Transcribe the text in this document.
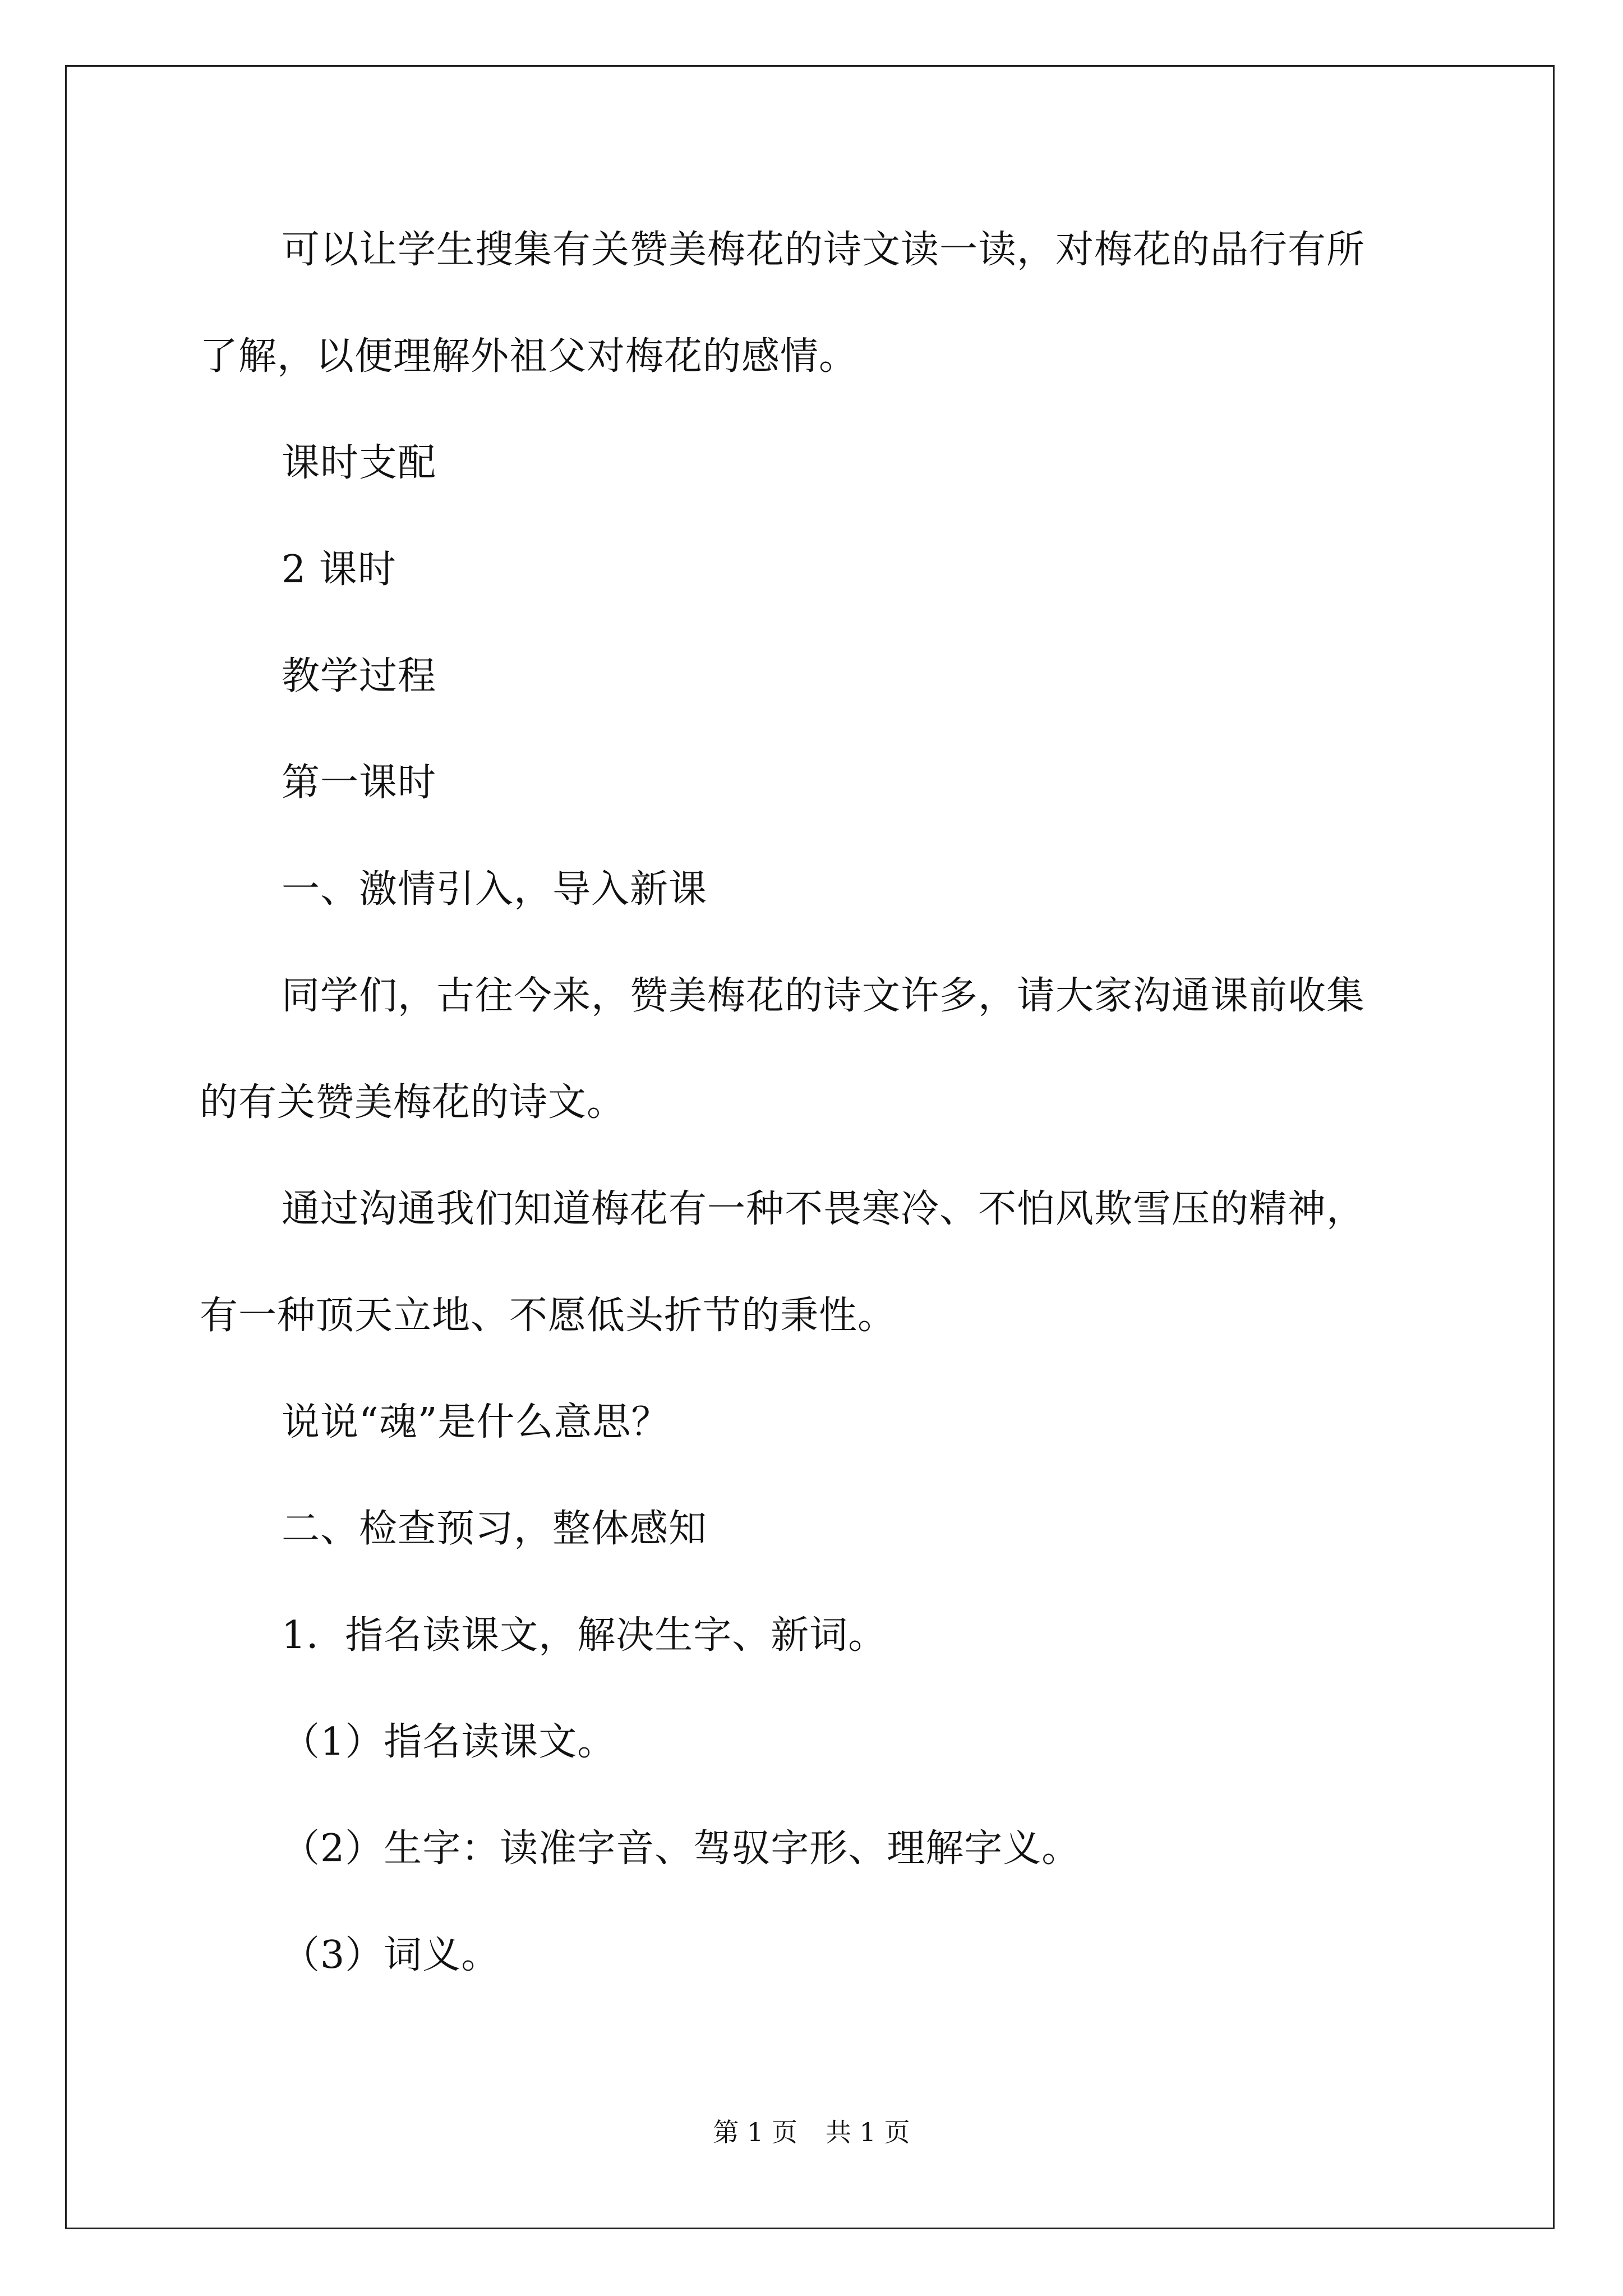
可以让学生搜集有关赞美梅花的诗文读一读，对梅花的品行有所
了解，以便理解外祖父对梅花的感情。
课时支配
2 课时
教学过程
第一课时
一、激情引入，导入新课
同学们，古往今来，赞美梅花的诗文许多，请大家沟通课前收集
的有关赞美梅花的诗文。
通过沟通我们知道梅花有一种不畏寒冷、不怕风欺雪压的精神，
有一种顶天立地、不愿低头折节的秉性。
说说“魂”是什么意思？
二、检查预习，整体感知
1．指名读课文，解决生字、新词。
（1）指名读课文。
（2）生字：读准字音、驾驭字形、理解字义。
（3）词义。
第 1 页 共 1 页
